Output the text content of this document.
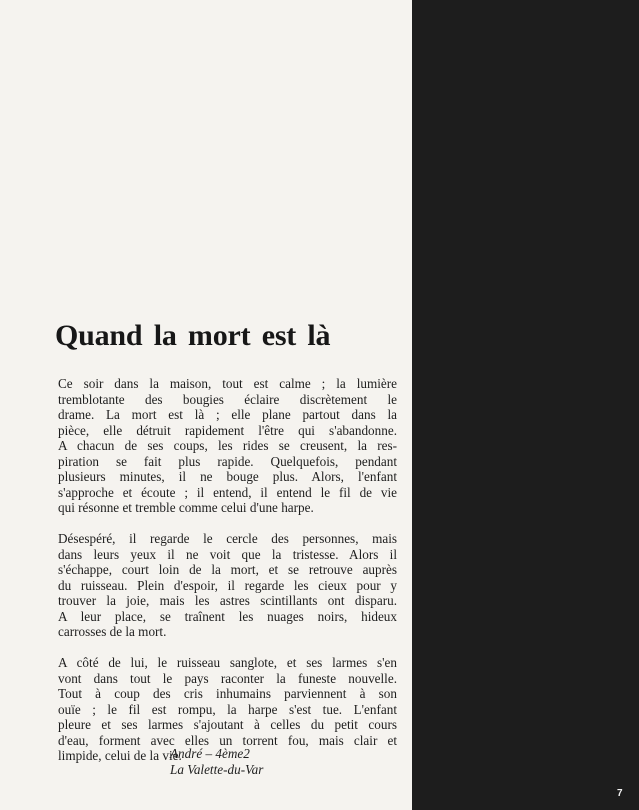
Quand la mort est là
Ce soir dans la maison, tout est calme ; la lumière
tremblotante des bougies éclaire discrètement le
drame. La mort est là ; elle plane partout dans la
pièce, elle détruit rapidement l'être qui s'abandonne.
A chacun de ses coups, les rides se creusent, la res-
piration se fait plus rapide. Quelquefois, pendant
plusieurs minutes, il ne bouge plus. Alors, l'enfant
s'approche et écoute ; il entend, il entend le fil de vie
qui résonne et tremble comme celui d'une harpe.
Désespéré, il regarde le cercle des personnes, mais
dans leurs yeux il ne voit que la tristesse. Alors il
s'échappe, court loin de la mort, et se retrouve auprès
du ruisseau. Plein d'espoir, il regarde les cieux pour y
trouver la joie, mais les astres scintillants ont disparu.
A leur place, se traînent les nuages noirs, hideux
carrosses de la mort.
A côté de lui, le ruisseau sanglote, et ses larmes s'en
vont dans tout le pays raconter la funeste nouvelle.
Tout à coup des cris inhumains parviennent à son
ouïe ; le fil est rompu, la harpe s'est tue. L'enfant
pleure et ses larmes s'ajoutant à celles du petit cours
d'eau, forment avec elles un torrent fou, mais clair et
limpide, celui de la vie.
André – 4ème2
La Valette-du-Var
7
